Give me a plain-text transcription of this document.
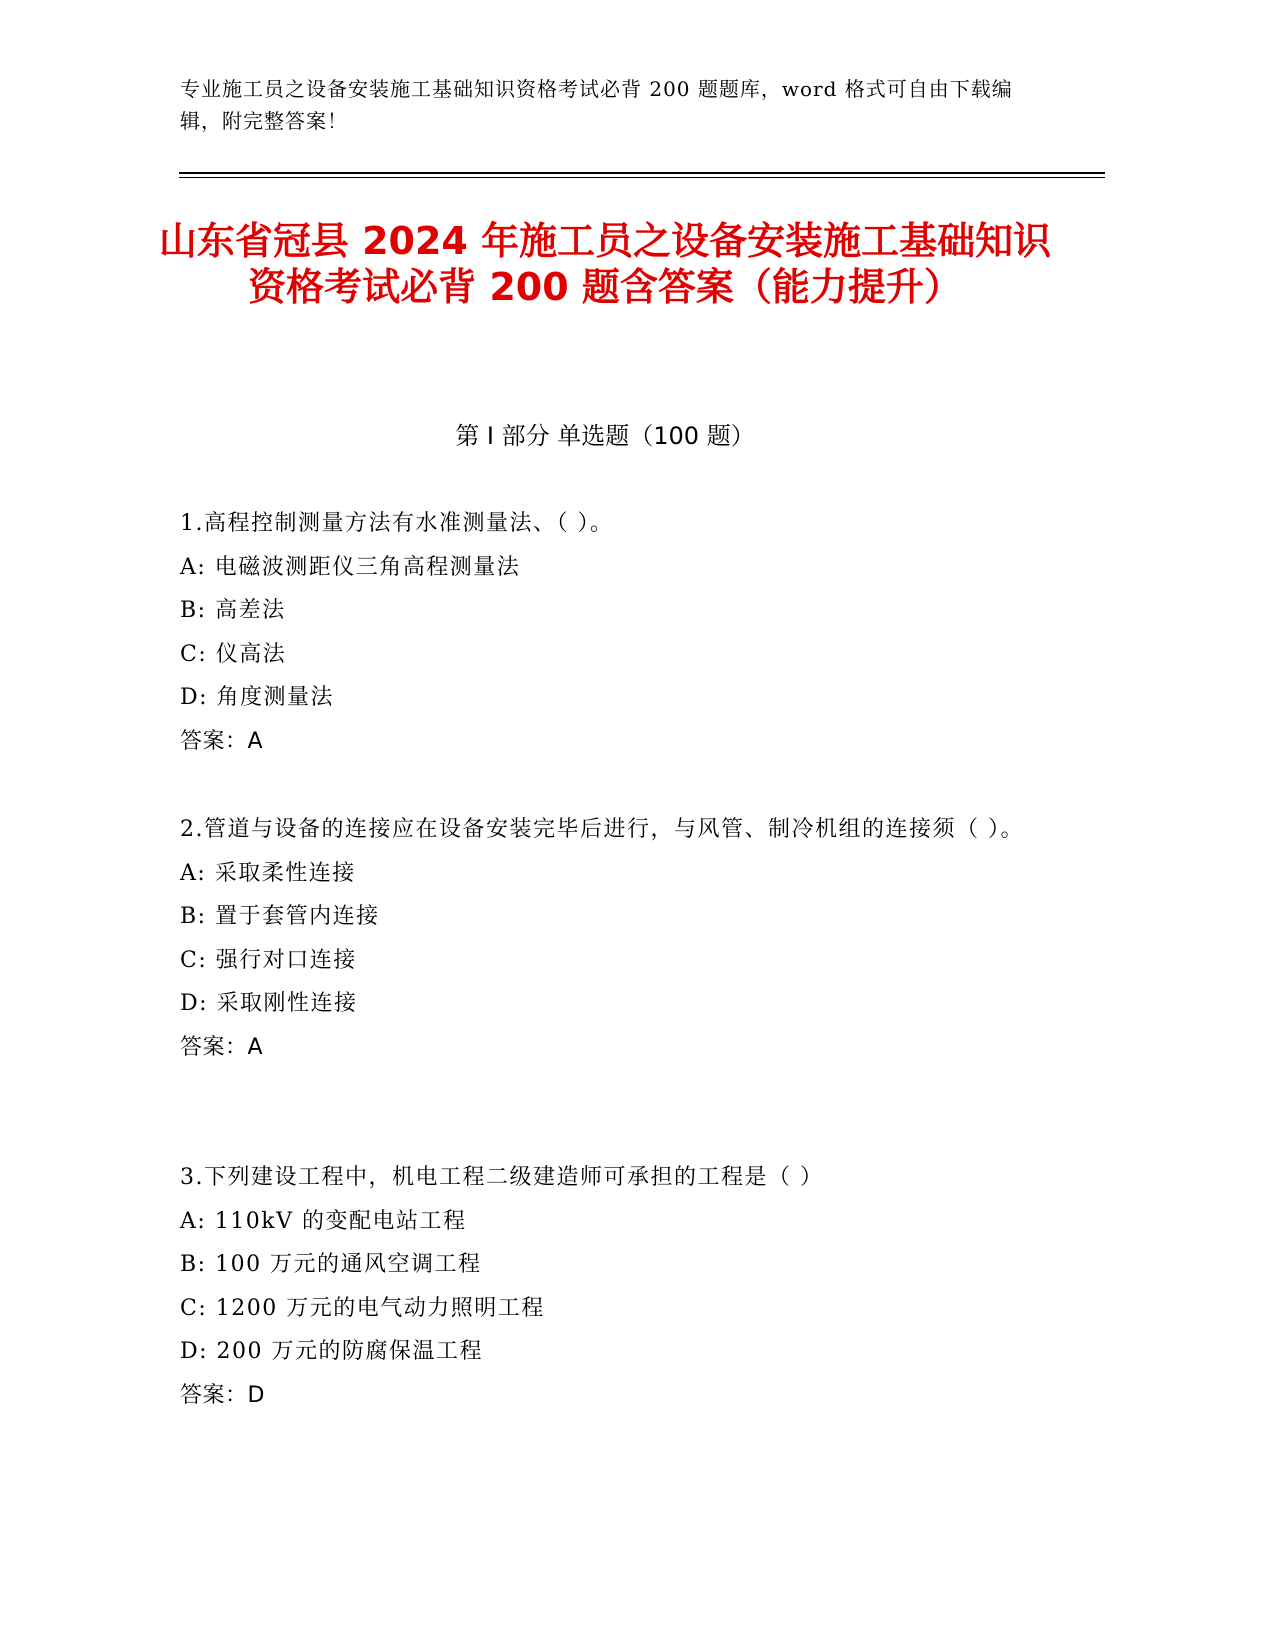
专业施工员之设备安装施工基础知识资格考试必背 200 题题库，word 格式可自由下载编辑，附完整答案！
山东省冠县 2024 年施工员之设备安装施工基础知识资格考试必背 200 题含答案（能力提升）
第 I 部分 单选题（100 题）

1.高程控制测量方法有水准测量法、（ ）。

A: 电磁波测距仪三角高程测量法

B: 高差法

C: 仪高法

D: 角度测量法

答案：A

2.管道与设备的连接应在设备安装完毕后进行，与风管、制冷机组的连接须（ ）。

A: 采取柔性连接

B: 置于套管内连接

C: 强行对口连接

D: 采取刚性连接

答案：A

3.下列建设工程中，机电工程二级建造师可承担的工程是（ ）

A: 110kV 的变配电站工程

B: 100 万元的通风空调工程

C: 1200 万元的电气动力照明工程

D: 200 万元的防腐保温工程

答案：D
